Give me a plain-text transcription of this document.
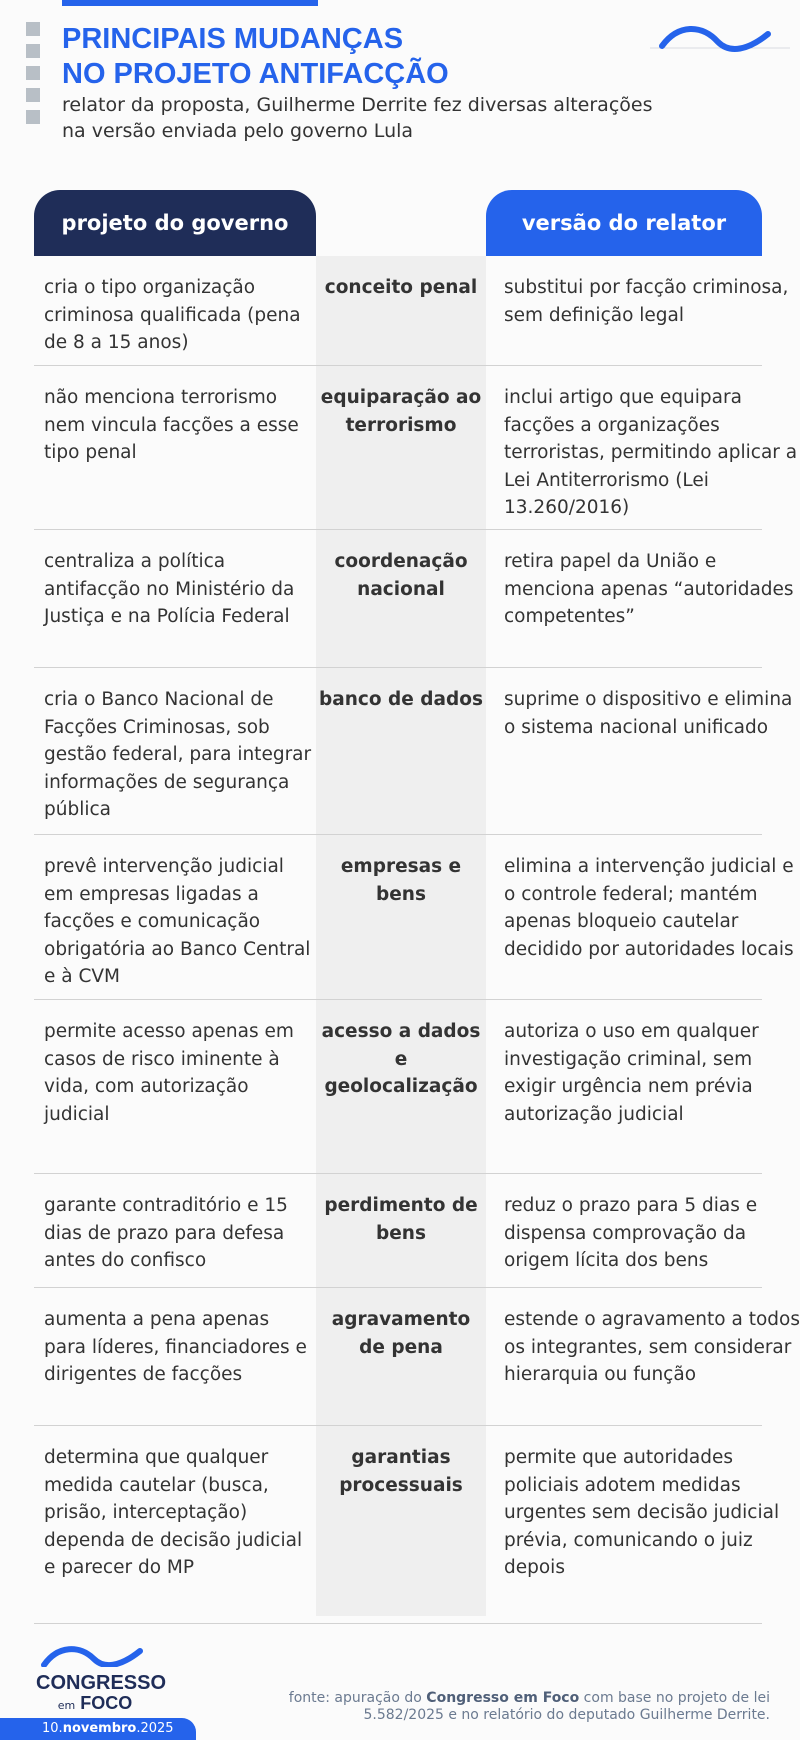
PRINCIPAIS MUDANÇAS
NO PROJETO ANTIFACÇÃO
relator da proposta, Guilherme Derrite fez diversas alterações na versão enviada pelo governo Lula
projeto do governo	versão do relator
cria o tipo organização criminosa qualificada (pena de 8 a 15 anos)
conceito penal	substitui por facção criminosa, sem definição legal
não menciona terrorismo nem vincula facções a esse tipo penal
equiparação ao terrorismo
inclui artigo que equipara facções a organizações terroristas, permitindo aplicar a Lei Antiterrorismo (Lei 13.260/2016)
centraliza a política antifacção no Ministério da Justiça e na Polícia Federal
coordenação nacional
retira papel da União e menciona apenas “autoridades competentes”
cria o Banco Nacional de Facções Criminosas, sob gestão federal, para integrar informações de segurança pública
banco de dados suprime o dispositivo e elimina o sistema nacional unificado
prevê intervenção judicial em empresas ligadas a facções e comunicação obrigatória ao Banco Central e à CVM
empresas e bens
elimina a intervenção judicial e o controle federal; mantém apenas bloqueio cautelar decidido por autoridades locais
permite acesso apenas em casos de risco iminente à vida, com autorização judicial
acesso a dados e geolocalização
autoriza o uso em qualquer investigação criminal, sem exigir urgência nem prévia autorização judicial
garante contraditório e 15 dias de prazo para defesa antes do confisco
perdimento de bens
reduz o prazo para 5 dias e dispensa comprovação da origem lícita dos bens
aumenta a pena apenas para líderes, financiadores e dirigentes de facções
agravamento de pena
estende o agravamento a todos os integrantes, sem considerar hierarquia ou função
determina que qualquer medida cautelar (busca, prisão, interceptação) dependa de decisão judicial e parecer do MP
garantias processuais
permite que autoridades policiais adotem medidas urgentes sem decisão judicial prévia, comunicando o juiz depois
CONGRESSO
em FOCO
10.novembro.2025
fonte: apuração do Congresso em Foco com base no projeto de lei 5.582/2025 e no relatório do deputado Guilherme Derrite.
